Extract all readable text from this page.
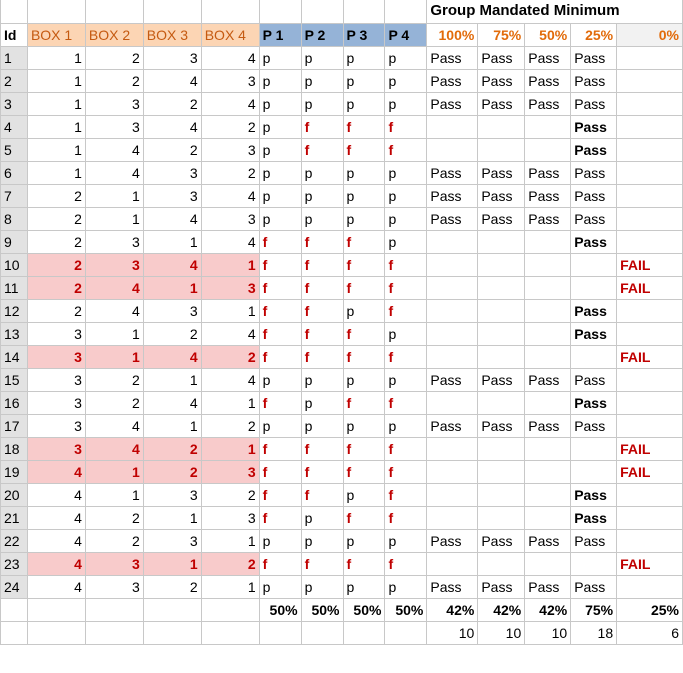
									Group Mandated Minimum				
Id	BOX 1	BOX 2	BOX 3	BOX 4	P 1	P 2	P 3	P 4	100%	75%	50%	25%	0%
1	1	2	3	4	p	p	p	p	Pass	Pass	Pass	Pass	
2	1	2	4	3	p	p	p	p	Pass	Pass	Pass	Pass	
3	1	3	2	4	p	p	p	p	Pass	Pass	Pass	Pass	
4	1	3	4	2	p	f	f	f				Pass	
5	1	4	2	3	p	f	f	f				Pass	
6	1	4	3	2	p	p	p	p	Pass	Pass	Pass	Pass	
7	2	1	3	4	p	p	p	p	Pass	Pass	Pass	Pass	
8	2	1	4	3	p	p	p	p	Pass	Pass	Pass	Pass	
9	2	3	1	4	f	f	f	p				Pass	
10	2	3	4	1	f	f	f	f					FAIL
11	2	4	1	3	f	f	f	f					FAIL
12	2	4	3	1	f	f	p	f				Pass	
13	3	1	2	4	f	f	f	p				Pass	
14	3	1	4	2	f	f	f	f					FAIL
15	3	2	1	4	p	p	p	p	Pass	Pass	Pass	Pass	
16	3	2	4	1	f	p	f	f				Pass	
17	3	4	1	2	p	p	p	p	Pass	Pass	Pass	Pass	
18	3	4	2	1	f	f	f	f					FAIL
19	4	1	2	3	f	f	f	f					FAIL
20	4	1	3	2	f	f	p	f				Pass	
21	4	2	1	3	f	p	f	f				Pass	
22	4	2	3	1	p	p	p	p	Pass	Pass	Pass	Pass	
23	4	3	1	2	f	f	f	f					FAIL
24	4	3	2	1	p	p	p	p	Pass	Pass	Pass	Pass	
					50%	50%	50%	50%	42%	42%	42%	75%	25%
									10	10	10	18	6
